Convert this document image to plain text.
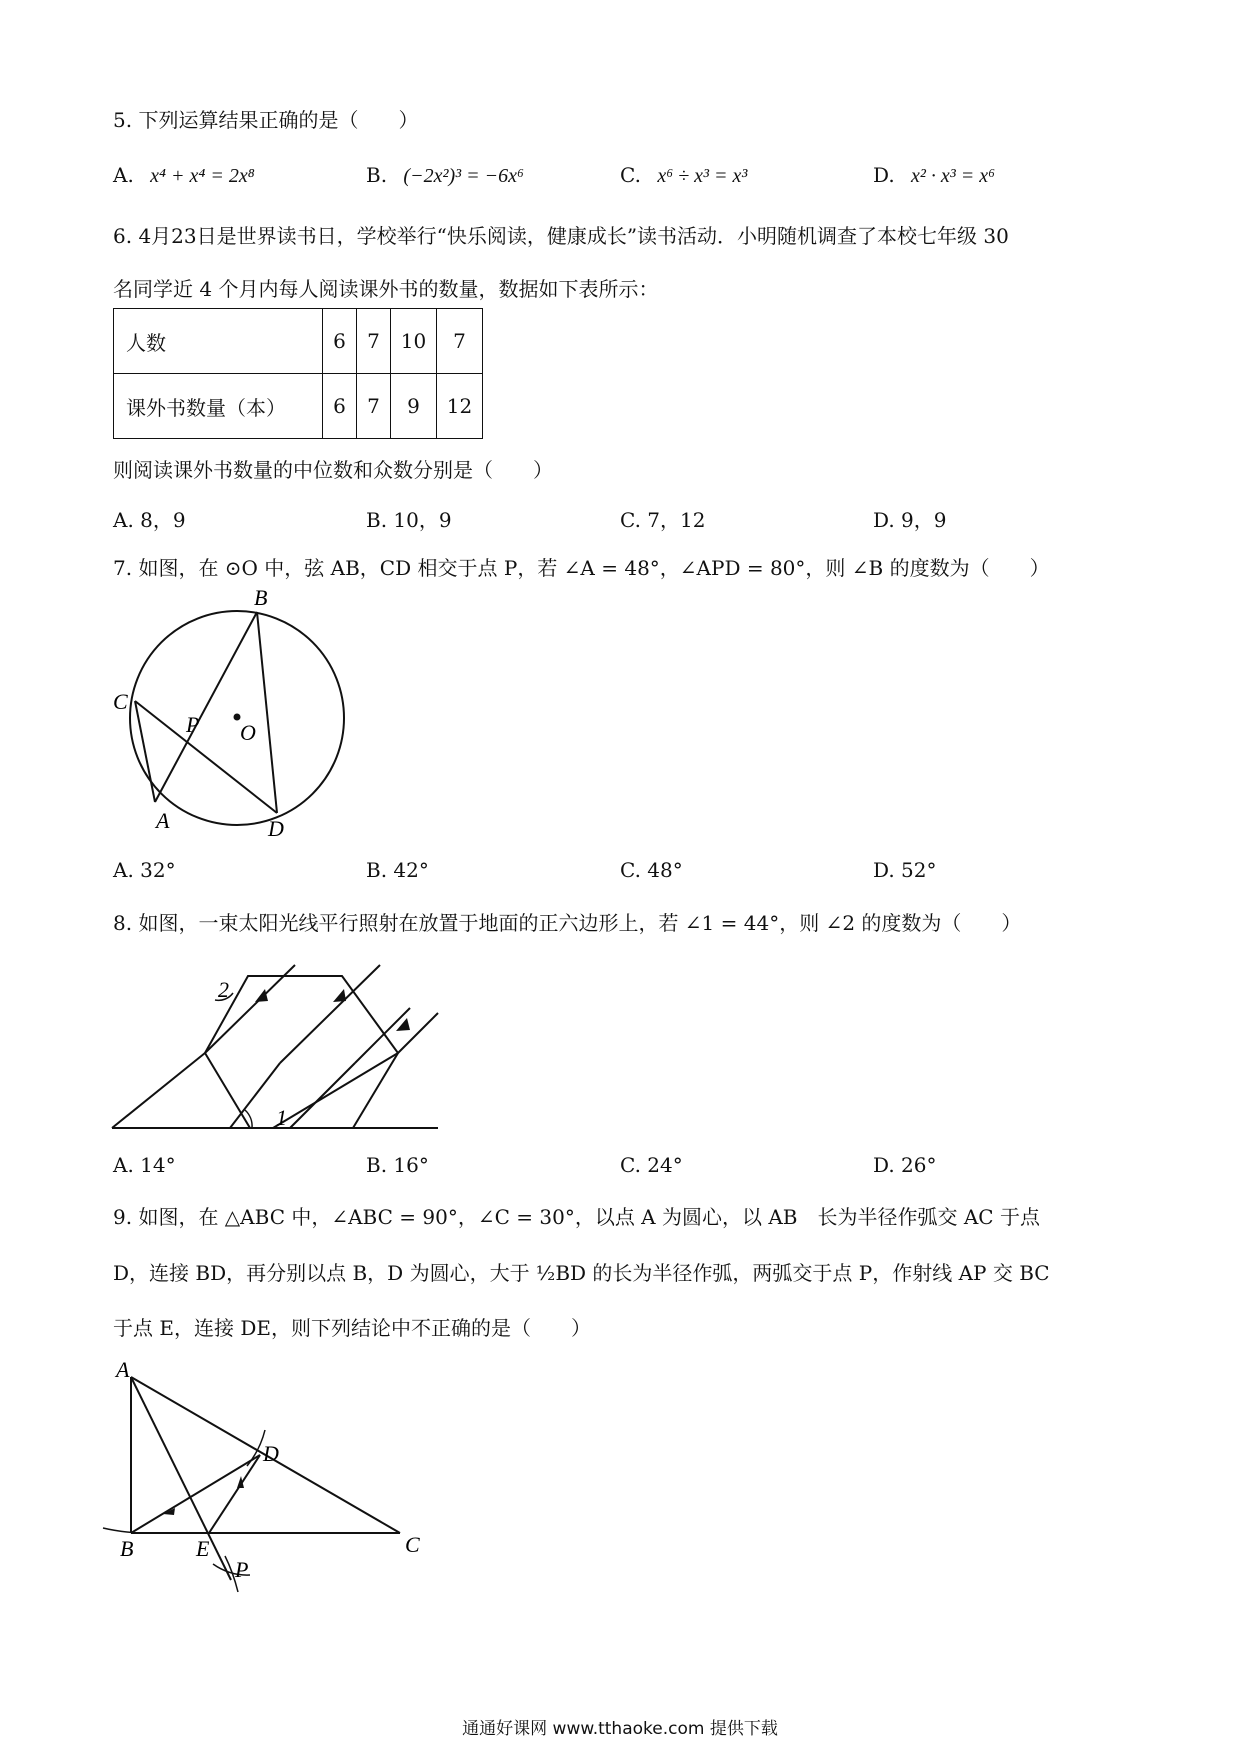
5. 下列运算结果正确的是（　　）
A. x⁴ + x⁴ = 2x⁸	B. (−2x²)³ = −6x⁶	C. x⁶ ÷ x³ = x³	D. x² · x³ = x⁶
6. 4月23日是世界读书日，学校举行“快乐阅读，健康成长”读书活动．小明随机调查了本校七年级 30
名同学近 4 个月内每人阅读课外书的数量，数据如下表所示：
人数	6	7	10	7
课外书数量（本）	6	7	9	12
则阅读课外书数量的中位数和众数分别是（　　）
A. 8，9	B. 10，9	C. 7，12	D. 9，9
7. 如图，在 ⊙O 中，弦 AB，CD 相交于点 P，若 ∠A = 48°，∠APD = 80°，则 ∠B 的度数为（　　）
B
C
P O
A	D
A. 32°	B. 42°	C. 48°	D. 52°
8. 如图，一束太阳光线平行照射在放置于地面的正六边形上，若 ∠1 = 44°，则 ∠2 的度数为（　　）
1
2
A. 14°	B. 16°	C. 24°	D. 26°
9. 如图，在 △ABC 中，∠ABC = 90°，∠C = 30°，以点 A 为圆心，以 AB　长为半径作弧交 AC 于点
D，连接 BD，再分别以点 B，D 为圆心，大于 ½BD 的长为半径作弧，两弧交于点 P，作射线 AP 交 BC
于点 E，连接 DE，则下列结论中不正确的是（　　）
A
B	C
D
E
P
通通好课网 www.tthaoke.com 提供下载
